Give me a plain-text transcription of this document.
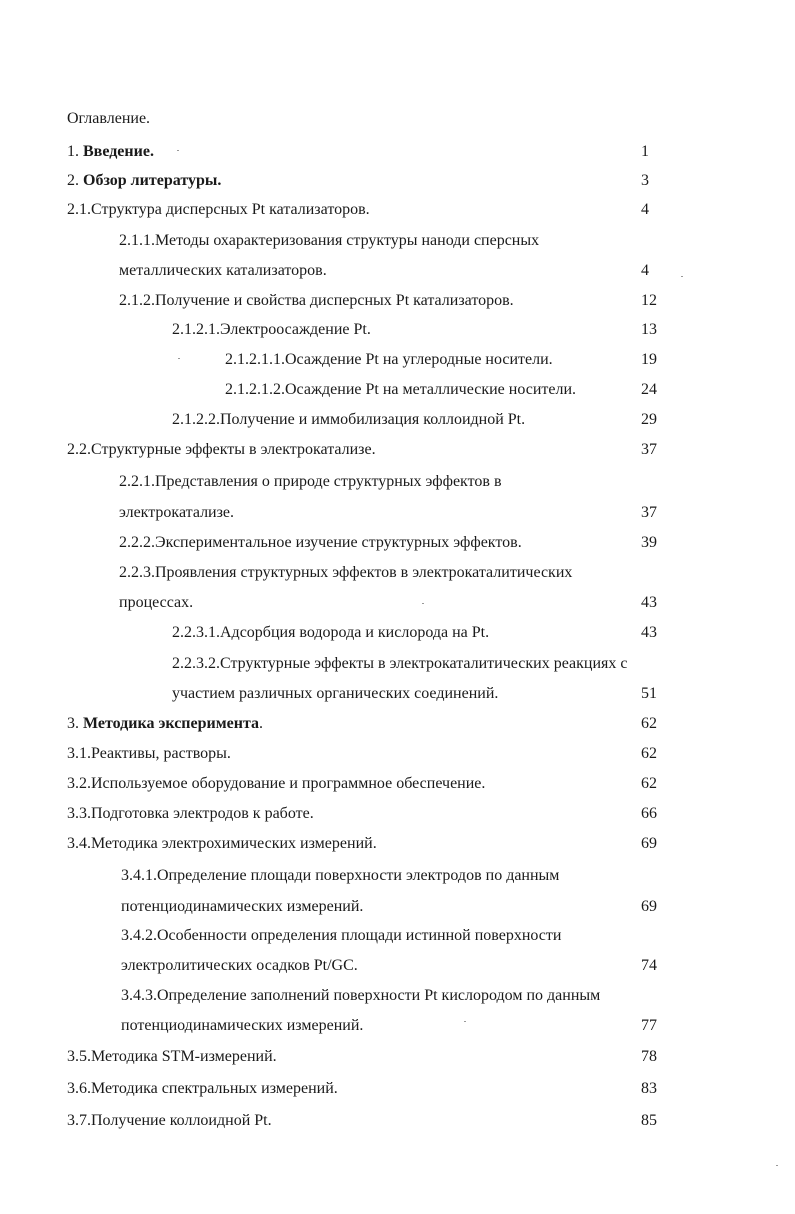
Оглавление.
1. Введение.	1
2. Обзор литературы.	3
2.1.Структура дисперсных Pt катализаторов.	4
2.1.1.Методы охарактеризования структуры наноди сперсных
металлических катализаторов.	4
2.1.2.Получение и свойства дисперсных Pt катализаторов.	12
2.1.2.1.Электроосаждение Pt.	13
2.1.2.1.1.Осаждение Pt на углеродные носители.	19
2.1.2.1.2.Осаждение Pt на металлические носители.	24
2.1.2.2.Получение и иммобилизация коллоидной Pt.	29
2.2.Структурные эффекты в электрокатализе.	37
2.2.1.Представления о природе структурных эффектов в
электрокатализе.	37
2.2.2.Экспериментальное изучение структурных эффектов.	39
2.2.3.Проявления структурных эффектов в электрокаталитических
процессах.	43
2.2.3.1.Адсорбция водорода и кислорода на Pt.	43
2.2.3.2.Структурные эффекты в электрокаталитических реакциях с
участием различных органических соединений.	51
3. Методика эксперимента.	62
3.1.Реактивы, растворы.	62
3.2.Используемое оборудование и программное обеспечение.	62
3.3.Подготовка электродов к работе.	66
3.4.Методика электрохимических измерений.	69
3.4.1.Определение площади поверхности электродов по данным
потенциодинамических измерений.	69
3.4.2.Особенности определения площади истинной поверхности
электролитических осадков Pt/GC.	74
3.4.3.Определение заполнений поверхности Pt кислородом по данным
потенциодинамических измерений.	77
3.5.Методика STM-измерений.	78
3.6.Методика спектральных измерений.	83
3.7.Получение коллоидной Pt.	85
